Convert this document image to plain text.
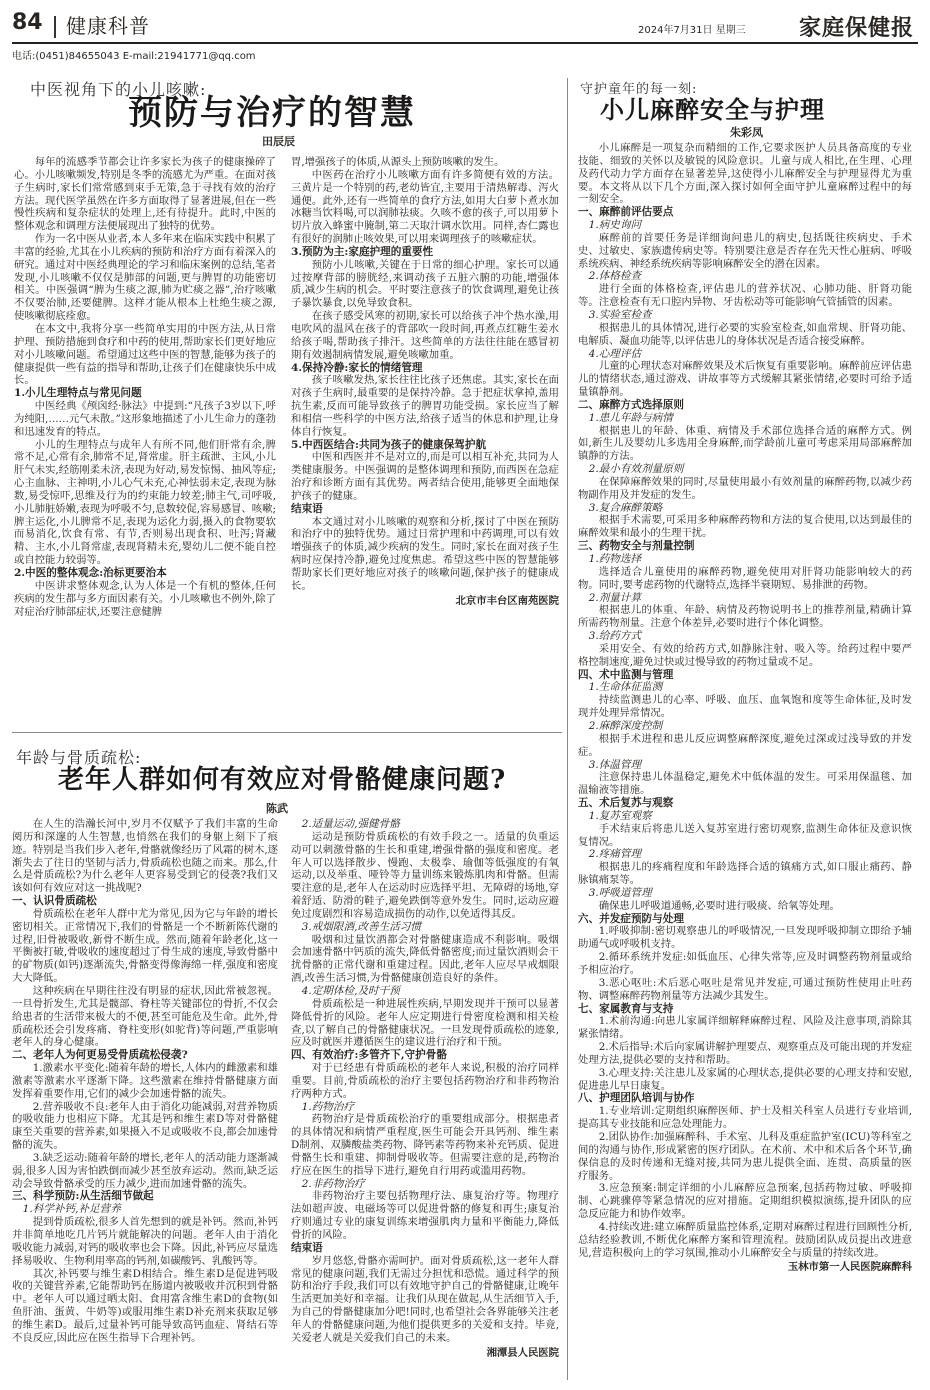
84 健康科普	2024年7月31日 星期三 家庭保健报
电话:(0451)84655043 E-mail:21941771@qq.com
中医视角下的小儿咳嗽:
预防与治疗的智慧
田辰辰

每年的流感季节都会让许多家长为孩子的健康操碎了心。小儿咳嗽频发,特别是冬季的流感尤为严重。在面对孩子生病时,家长们常常感到束手无策,急于寻找有效的治疗方法。现代医学虽然在许多方面取得了显著进展,但在一些慢性疾病和复杂症状的处理上,还有待提升。此时,中医的整体观念和调理方法便展现出了独特的优势。

作为一名中医从业者,本人多年来在临床实践中积累了丰富的经验,尤其在小儿疾病的预防和治疗方面有着深入的研究。通过对中医经典理论的学习和临床案例的总结,笔者发现,小儿咳嗽不仅仅是肺部的问题,更与脾胃的功能密切相关。中医强调“脾为生痰之源,肺为贮痰之器”,治疗咳嗽不仅要治肺,还要健脾。这样才能从根本上杜绝生痰之源,使咳嗽彻底痊愈。

在本文中,我将分享一些简单实用的中医方法,从日常护理、预防措施到食疗和中药的使用,帮助家长们更好地应对小儿咳嗽问题。希望通过这些中医的智慧,能够为孩子的健康提供一些有益的指导和帮助,让孩子们在健康快乐中成长。

1.小儿生理特点与常见问题

中医经典《颅囟经·脉法》中提到:“凡孩子3岁以下,呼为纯阳,……元气未散。”这形象地描述了小儿生命力的蓬勃和迅速发育的特点。

小儿的生理特点与成年人有所不同,他们肝常有余,脾常不足,心常有余,肺常不足,肾常虚。肝主疏泄、主风,小儿肝气未实,经筋刚柔未济,表现为好动,易发惊惕、抽风等症;心主血脉、主神明,小儿心气未充,心神怯弱未定,表现为脉数,易受惊吓,思维及行为的约束能力较差;肺主气,司呼吸,小儿肺脏娇嫩,表现为呼吸不匀,息数较促,容易感冒、咳嗽;脾主运化,小儿脾常不足,表现为运化力弱,摄入的食物要软而易消化,饮食有常、有节,否则易出现食积、吐泻;肾藏精、主水,小儿肾常虚,表现肾精未充,婴幼儿二便不能自控或自控能力较弱等。

2.中医的整体观念:治标更要治本

中医讲求整体观念,认为人体是一个有机的整体,任何疾病的发生都与多方面因素有关。小儿咳嗽也不例外,除了对症治疗肺部症状,还要注意健脾

胃,增强孩子的体质,从源头上预防咳嗽的发生。

中医药在治疗小儿咳嗽方面有许多简便有效的方法。三黄片是一个特别的药,老幼皆宜,主要用于清热解毒、泻火通便。此外,还有一些简单的食疗方法,如用大白萝卜煮水加冰糖当饮料喝,可以润肺祛痰。久咳不愈的孩子,可以用萝卜切片放入蜂蜜中腌制,第二天取汁调水饮用。同样,杏仁露也有很好的润肺止咳效果,可以用来调理孩子的咳嗽症状。

3.预防为主:家庭护理的重要性

预防小儿咳嗽,关键在于日常的细心护理。家长可以通过按摩背部的膀胱经,来调动孩子五脏六腑的功能,增强体质,减少生病的机会。平时要注意孩子的饮食调理,避免让孩子暴饮暴食,以免导致食积。

在孩子感受风寒的初期,家长可以给孩子冲个热水澡,用电吹风的温风在孩子的背部吹一段时间,再煮点红糖生姜水给孩子喝,帮助孩子排汗。这些简单的方法往往能在感冒初期有效遏制病情发展,避免咳嗽加重。

4.保持冷静:家长的情绪管理

孩子咳嗽发热,家长往往比孩子还焦虑。其实,家长在面对孩子生病时,最重要的是保持冷静。急于把症状拿掉,盖用抗生素,反而可能导致孩子的脾胃功能受损。家长应当了解和相信一些科学的中医方法,给孩子适当的休息和护理,让身体自行恢复。

5.中西医结合:共同为孩子的健康保驾护航

中医和西医并不是对立的,而是可以相互补充,共同为人类健康服务。中医强调的是整体调理和预防,而西医在急症治疗和诊断方面有其优势。两者结合使用,能够更全面地保护孩子的健康。

结束语

本文通过对小儿咳嗽的观察和分析,探讨了中医在预防和治疗中的独特优势。通过日常护理和中药调理,可以有效增强孩子的体质,减少疾病的发生。同时,家长在面对孩子生病时应保持冷静,避免过度焦虑。希望这些中医的智慧能够帮助家长们更好地应对孩子的咳嗽问题,保护孩子的健康成长。

北京市丰台区南苑医院
年龄与骨质疏松:
老年人群如何有效应对骨骼健康问题?
陈武

在人生的浩瀚长河中,岁月不仅赋予了我们丰富的生命阅历和深邃的人生智慧,也悄然在我们的身躯上刻下了痕迹。特别是当我们步入老年,骨骼就像经历了风霜的树木,逐渐失去了往日的坚韧与活力,骨质疏松也随之而来。那么,什么是骨质疏松?为什么老年人更容易受到它的侵袭?我们又该如何有效应对这一挑战呢?

一、认识骨质疏松

骨质疏松在老年人群中尤为常见,因为它与年龄的增长密切相关。正常情况下,我们的骨骼是一个不断新陈代谢的过程,旧骨被吸收,新骨不断生成。然而,随着年龄老化,这一平衡被打破,骨吸收的速度超过了骨生成的速度,导致骨骼中的矿物质(如钙)逐渐流失,骨骼变得像海绵一样,强度和密度大大降低。

这种疾病在早期往往没有明显的症状,因此常被忽视。一旦骨折发生,尤其是髋部、脊柱等关键部位的骨折,不仅会给患者的生活带来极大的不便,甚至可能危及生命。此外,骨质疏松还会引发疼痛、脊柱变形(如驼背)等问题,严重影响老年人的身心健康。

二、老年人为何更易受骨质疏松侵袭?

1.激素水平变化:随着年龄的增长,人体内的雌激素和雄激素等激素水平逐渐下降。这些激素在维持骨骼健康方面发挥着重要作用,它们的减少会加速骨骼的流失。

2.营养吸收不良:老年人由于消化功能减弱,对营养物质的吸收能力也相应下降。尤其是钙和维生素D等对骨骼健康至关重要的营养素,如果摄入不足或吸收不良,都会加速骨骼的流失。

3.缺乏运动:随着年龄的增长,老年人的活动能力逐渐减弱,很多人因为害怕跌倒而减少甚至放弃运动。然而,缺乏运动会导致骨骼承受的压力减少,进而加速骨骼的流失。

三、科学预防:从生活细节做起
1.科学补钙,补足营养

提到骨质疏松,很多人首先想到的就是补钙。然而,补钙并非简单地吃几片钙片就能解决的问题。老年人由于消化吸收能力减弱,对钙的吸收率也会下降。因此,补钙应尽量选择易吸收、生物利用率高的钙剂,如碳酸钙、乳酸钙等。

其次,补钙要与维生素D相结合。维生素D是促进钙吸收的关键营养素,它能帮助钙在肠道内被吸收并沉积到骨骼中。老年人可以通过晒太阳、食用富含维生素D的食物(如鱼肝油、蛋黄、牛奶等)或服用维生素D补充剂来获取足够的维生素D。最后,过量补钙可能导致高钙血症、肾结石等不良反应,因此应在医生指导下合理补钙。

2.适量运动,强健骨骼

运动是预防骨质疏松的有效手段之一。适量的负重运动可以刺激骨骼的生长和重建,增强骨骼的强度和密度。老年人可以选择散步、慢跑、太极拳、瑜伽等低强度的有氧运动,以及举重、哑铃等力量训练来锻炼肌肉和骨骼。但需要注意的是,老年人在运动时应选择平坦、无障碍的场地,穿着舒适、防滑的鞋子,避免跌倒等意外发生。同时,运动应避免过度剧烈和容易造成损伤的动作,以免适得其反。

3.戒烟限酒,改善生活习惯

吸烟和过量饮酒都会对骨骼健康造成不利影响。吸烟会加速骨骼中钙质的流失,降低骨骼密度;而过量饮酒则会干扰骨骼的正常代谢和重建过程。因此,老年人应尽早戒烟限酒,改善生活习惯,为骨骼健康创造良好的条件。

4.定期体检,及时干预

骨质疏松是一种进展性疾病,早期发现并干预可以显著降低骨折的风险。老年人应定期进行骨密度检测和相关检查,以了解自己的骨骼健康状况。一旦发现骨质疏松的迹象,应及时就医并遵循医生的建议进行治疗和干预。

四、有效治疗:多管齐下,守护骨骼

对于已经患有骨质疏松的老年人来说,积极的治疗同样重要。目前,骨质疏松的治疗主要包括药物治疗和非药物治疗两种方式。

1.药物治疗

药物治疗是骨质疏松治疗的重要组成部分。根据患者的具体情况和病情严重程度,医生可能会开具钙剂、维生素D制剂、双膦酸盐类药物、降钙素等药物来补充钙质、促进骨骼生长和重建、抑制骨吸收等。但需要注意的是,药物治疗应在医生的指导下进行,避免自行用药或滥用药物。

2.非药物治疗

非药物治疗主要包括物理疗法、康复治疗等。物理疗法如超声波、电磁场等可以促进骨骼的修复和再生;康复治疗则通过专业的康复训练来增强肌肉力量和平衡能力,降低骨折的风险。

结束语

岁月悠悠,骨骼亦需呵护。面对骨质疏松,这一老年人群常见的健康问题,我们无需过分担忧和恐慌。通过科学的预防和治疗手段,我们可以有效地守护自己的骨骼健康,让晚年生活更加美好和幸福。让我们从现在做起,从生活细节入手,为自己的骨骼健康加分吧!同时,也希望社会各界能够关注老年人的骨骼健康问题,为他们提供更多的关爱和支持。毕竟,关爱老人就是关爱我们自己的未来。

湘潭县人民医院
守护童年的每一刻:
小儿麻醉安全与护理
朱彩凤

小儿麻醉是一项复杂而精细的工作,它要求医护人员具备高度的专业技能、细致的关怀以及敏锐的风险意识。儿童与成人相比,在生理、心理及药代动力学方面存在显著差异,这使得小儿麻醉安全与护理显得尤为重要。本文将从以下几个方面,深入探讨如何全面守护儿童麻醉过程中的每一刻安全。

一、麻醉前评估要点
1.病史询问

麻醉前的首要任务是详细询问患儿的病史,包括既往疾病史、手术史、过敏史、家族遗传病史等。特别要注意是否存在先天性心脏病、呼吸系统疾病、神经系统疾病等影响麻醉安全的潜在因素。

2.体格检查

进行全面的体格检查,评估患儿的营养状况、心肺功能、肝肾功能等。注意检查有无口腔内异物、牙齿松动等可能影响气管插管的因素。

3.实验室检查

根据患儿的具体情况,进行必要的实验室检查,如血常规、肝肾功能、电解质、凝血功能等,以评估患儿的身体状况是否适合接受麻醉。

4.心理评估

儿童的心理状态对麻醉效果及术后恢复有重要影响。麻醉前应评估患儿的情绪状态,通过游戏、讲故事等方式缓解其紧张情绪,必要时可给予适量镇静剂。

二、麻醉方式选择原则
1.患儿年龄与病情

根据患儿的年龄、体重、病情及手术部位选择合适的麻醉方式。例如,新生儿及婴幼儿多选用全身麻醉,而学龄前儿童可考虑采用局部麻醉加镇静的方法。

2.最小有效剂量原则

在保障麻醉效果的同时,尽量使用最小有效剂量的麻醉药物,以减少药物副作用及并发症的发生。

3.复合麻醉策略

根据手术需要,可采用多种麻醉药物和方法的复合使用,以达到最佳的麻醉效果和最小的生理干扰。

三、药物安全与剂量控制
1.药物选择

选择适合儿童使用的麻醉药物,避免使用对肝肾功能影响较大的药物。同时,要考虑药物的代谢特点,选择半衰期短、易排泄的药物。

2.剂量计算

根据患儿的体重、年龄、病情及药物说明书上的推荐剂量,精确计算所需药物剂量。注意个体差异,必要时进行个体化调整。

3.给药方式

采用安全、有效的给药方式,如静脉注射、吸入等。给药过程中要严格控制速度,避免过快或过慢导致的药物过量或不足。

四、术中监测与管理
1.生命体征监测

持续监测患儿的心率、呼吸、血压、血氧饱和度等生命体征,及时发现并处理异常情况。

2.麻醉深度控制

根据手术进程和患儿反应调整麻醉深度,避免过深或过浅导致的并发症。

3.体温管理

注意保持患儿体温稳定,避免术中低体温的发生。可采用保温毯、加温输液等措施。

五、术后复苏与观察
1.复苏室观察

手术结束后将患儿送入复苏室进行密切观察,监测生命体征及意识恢复情况。

2.疼痛管理

根据患儿的疼痛程度和年龄选择合适的镇痛方式,如口服止痛药、静脉镇痛泵等。

3.呼吸道管理

确保患儿呼吸道通畅,必要时进行吸痰、给氧等处理。

六、并发症预防与处理

1.呼吸抑制:密切观察患儿的呼吸情况,一旦发现呼吸抑制立即给予辅助通气或呼吸机支持。

2.循环系统并发症:如低血压、心律失常等,应及时调整药物剂量或给予相应治疗。

3.恶心呕吐:术后恶心呕吐是常见并发症,可通过预防性使用止吐药物、调整麻醉药物剂量等方法减少其发生。

七、家属教育与支持

1.术前沟通:向患儿家属详细解释麻醉过程、风险及注意事项,消除其紧张情绪。

2.术后指导:术后向家属讲解护理要点、观察重点及可能出现的并发症处理方法,提供必要的支持和帮助。

3.心理支持:关注患儿及家属的心理状态,提供必要的心理支持和安慰,促进患儿早日康复。

八、护理团队培训与协作

1.专业培训:定期组织麻醉医师、护士及相关科室人员进行专业培训,提高其专业技能和应急处理能力。

2.团队协作:加强麻醉科、手术室、儿科及重症监护室(ICU)等科室之间的沟通与协作,形成紧密的医疗团队。在术前、术中和术后各个环节,确保信息的及时传递和无缝对接,共同为患儿提供全面、连贯、高质量的医疗服务。

3.应急预案:制定详细的小儿麻醉应急预案,包括药物过敏、呼吸抑制、心跳骤停等紧急情况的应对措施。定期组织模拟演练,提升团队的应急反应能力和协作效率。

4.持续改进:建立麻醉质量监控体系,定期对麻醉过程进行回顾性分析,总结经验教训,不断优化麻醉方案和管理流程。鼓励团队成员提出改进意见,营造积极向上的学习氛围,推动小儿麻醉安全与质量的持续改进。

玉林市第一人民医院麻醉科
